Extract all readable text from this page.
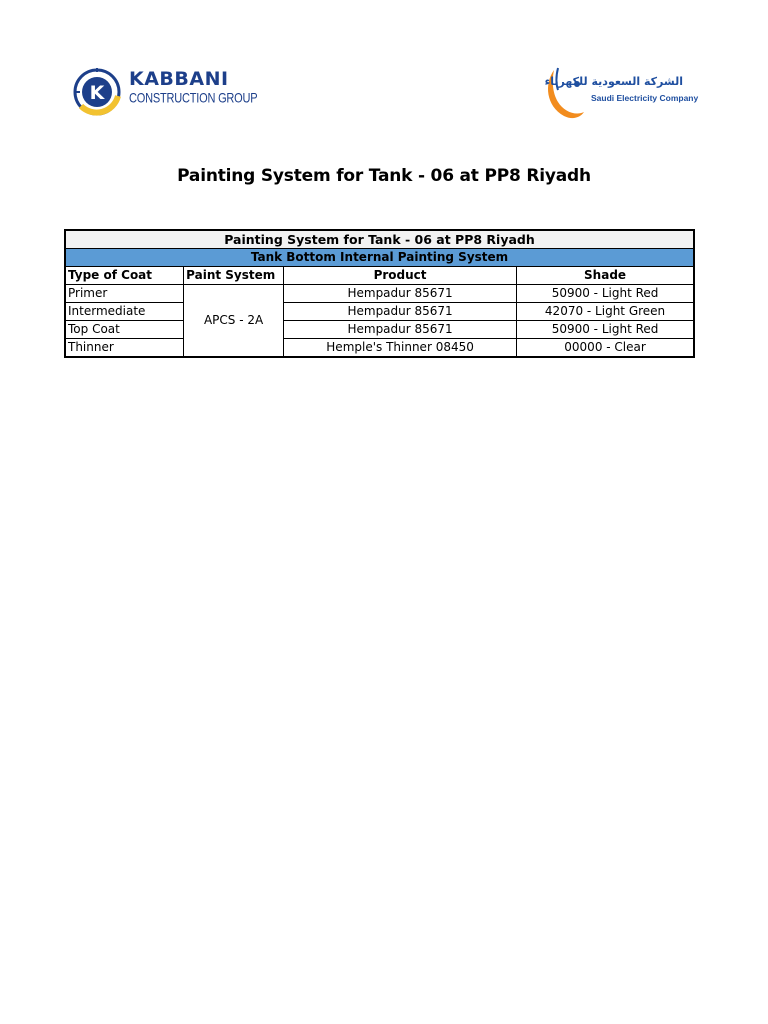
K
KABBANI
CONSTRUCTION GROUP
الشركة السعودية للكهرباء
Saudi Electricity Company
Painting System for Tank - 06 at PP8 Riyadh
Painting System for Tank - 06 at PP8 Riyadh			
Tank Bottom Internal Painting System			
Type of Coat	Paint System	Product	Shade
Primer	APCS - 2A	Hempadur 85671	50900 - Light Red
Intermediate		Hempadur 85671	42070 - Light Green
Top Coat		Hempadur 85671	50900 - Light Red
Thinner		Hemple's Thinner 08450	00000 - Clear
